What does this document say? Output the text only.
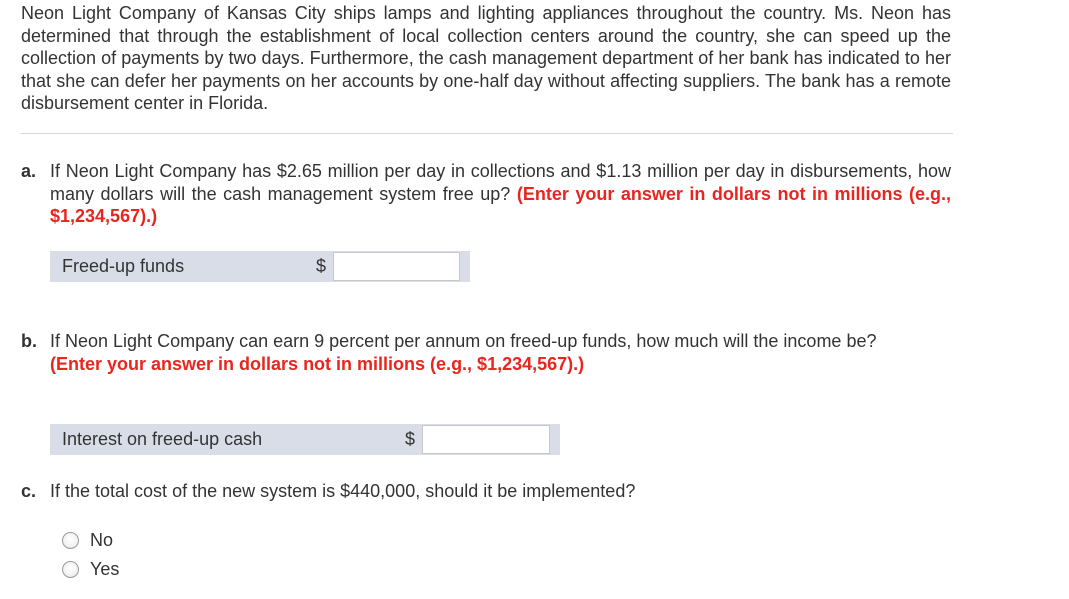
Neon Light Company of Kansas City ships lamps and lighting appliances throughout the country. Ms. Neon has determined that through the establishment of local collection centers around the country, she can speed up the collection of payments by two days. Furthermore, the cash management department of her bank has indicated to her that she can defer her payments on her accounts by one-half day without affecting suppliers. The bank has a remote disbursement center in Florida.

a. If Neon Light Company has $2.65 million per day in collections and $1.13 million per day in disbursements, how many dollars will the cash management system free up? (Enter your answer in dollars not in millions (e.g., $1,234,567).)

Freed-up funds	$

b. If Neon Light Company can earn 9 percent per annum on freed-up funds, how much will the income be?
(Enter your answer in dollars not in millions (e.g., $1,234,567).)

Interest on freed-up cash	$

c. If the total cost of the new system is $440,000, should it be implemented?

No
Yes
